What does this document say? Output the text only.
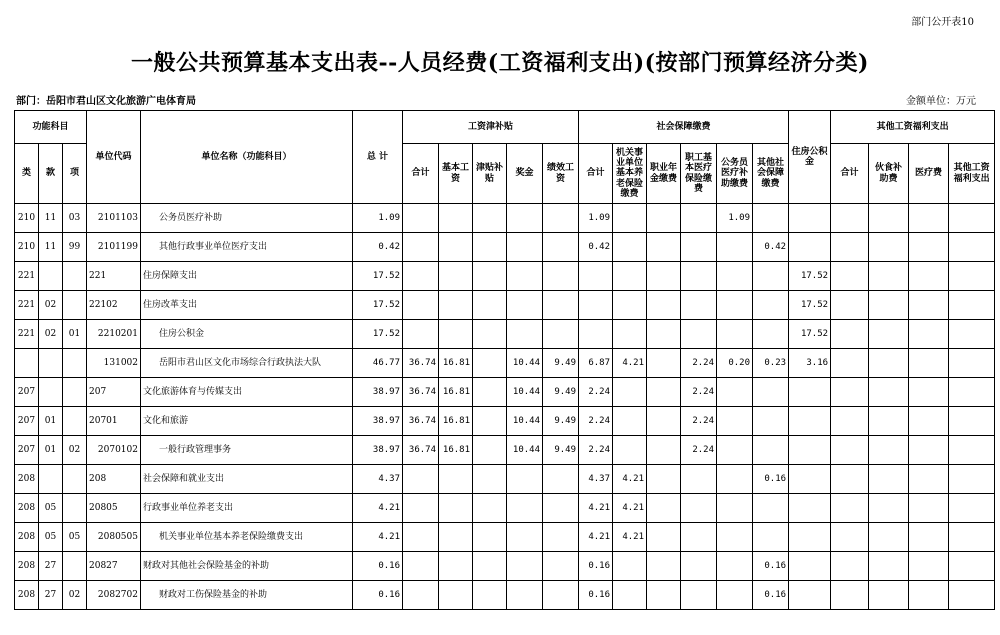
部门公开表10
一般公共预算基本支出表--人员经费(工资福利支出)(按部门预算经济分类)
部门：岳阳市君山区文化旅游广电体育局	金额单位：万元
功能科目			单位代码	单位名称（功能科目）	总 计	工资津补贴					社会保障缴费						住房公积金	其他工资福利支出			
类	款	项				合计	基本工资	津贴补贴	奖金	绩效工资	合计	机关事业单位基本养老保险缴费	职业年金缴费	职工基本医疗保险缴费	公务员医疗补助缴费	其他社会保障缴费		合计	伙食补助费	医疗费	其他工资福利支出
210	11	03	2101103	公务员医疗补助	1.09						1.09				1.09						
210	11	99	2101199	其他行政事业单位医疗支出	0.42						0.42					0.42					
221			221	住房保障支出	17.52												17.52				
221	02		22102	住房改革支出	17.52												17.52				
221	02	01	2210201	住房公积金	17.52												17.52				
			131002	岳阳市君山区文化市场综合行政执法大队	46.77	36.74	16.81		10.44	9.49	6.87	4.21		2.24	0.20	0.23	3.16				
207			207	文化旅游体育与传媒支出	38.97	36.74	16.81		10.44	9.49	2.24			2.24							
207	01		20701	文化和旅游	38.97	36.74	16.81		10.44	9.49	2.24			2.24							
207	01	02	2070102	一般行政管理事务	38.97	36.74	16.81		10.44	9.49	2.24			2.24							
208			208	社会保障和就业支出	4.37						4.37	4.21				0.16					
208	05		20805	行政事业单位养老支出	4.21						4.21	4.21									
208	05	05	2080505	机关事业单位基本养老保险缴费支出	4.21						4.21	4.21									
208	27		20827	财政对其他社会保险基金的补助	0.16						0.16					0.16					
208	27	02	2082702	财政对工伤保险基金的补助	0.16						0.16					0.16					
